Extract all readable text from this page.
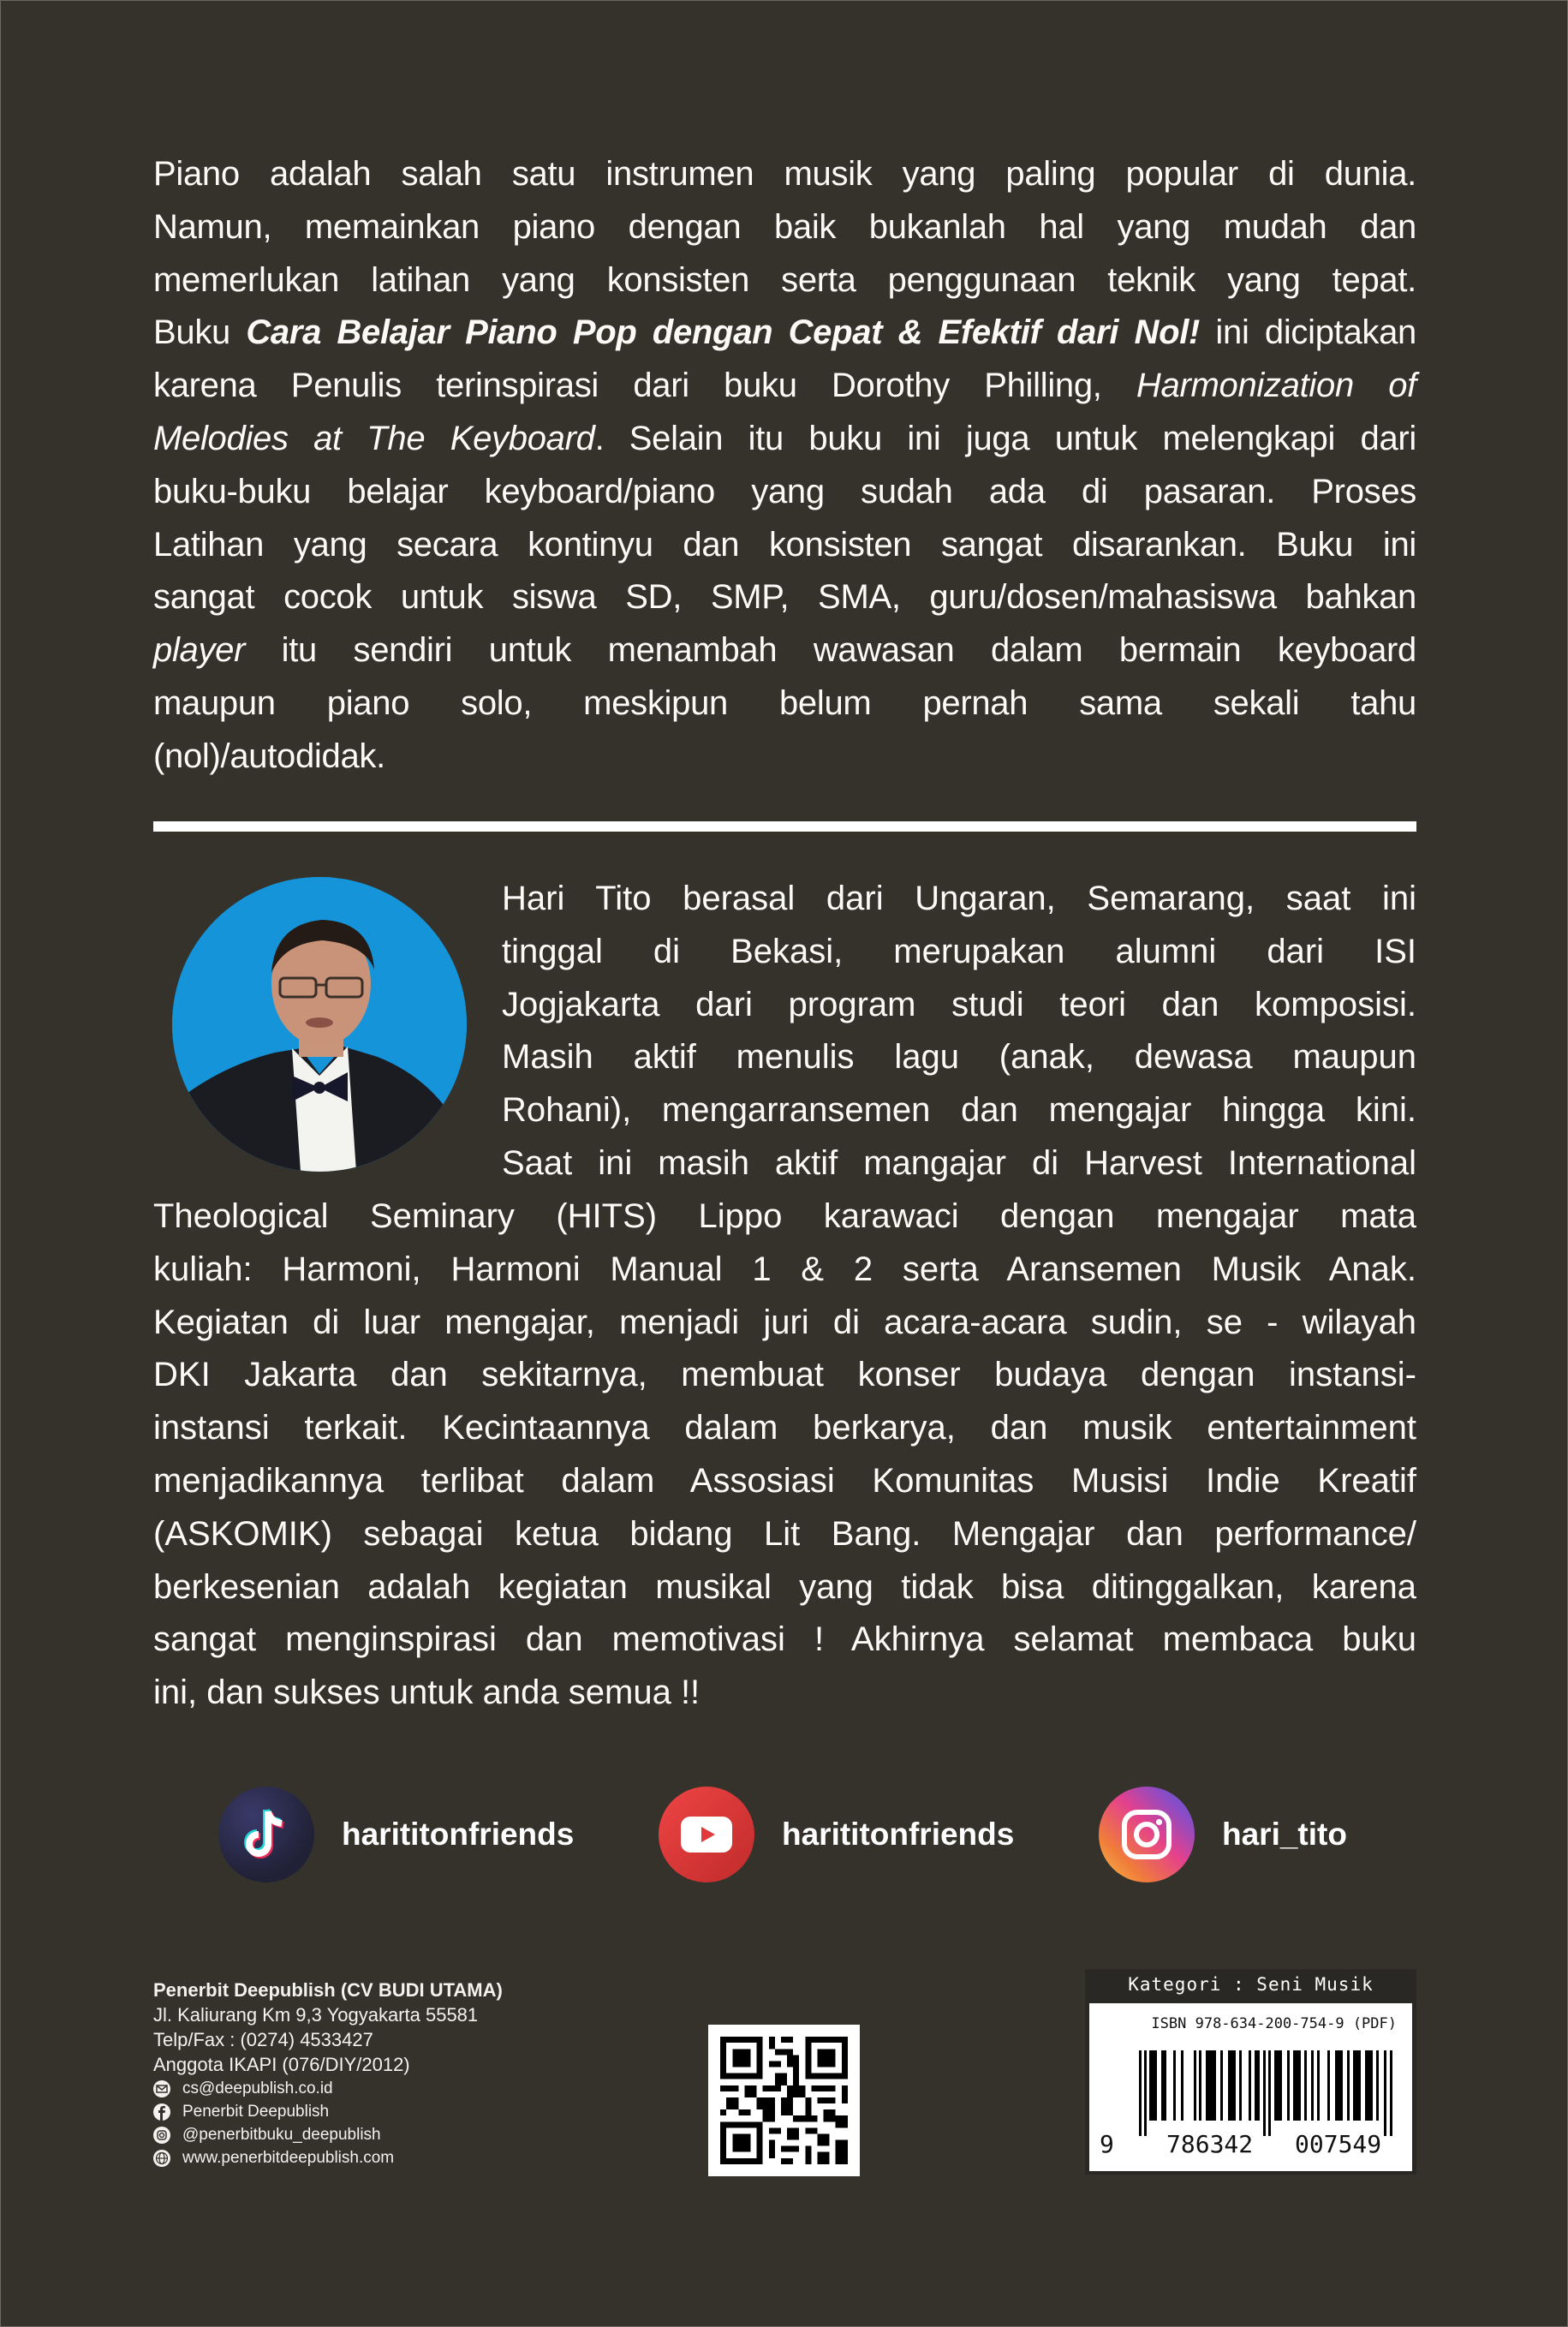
Piano adalah salah satu instrumen musik yang paling popular di dunia.
Namun, memainkan piano dengan baik bukanlah hal yang mudah dan
memerlukan latihan yang konsisten serta penggunaan teknik yang tepat.
Buku Cara Belajar Piano Pop dengan Cepat & Efektif dari Nol! ini diciptakan
karena Penulis terinspirasi dari buku Dorothy Philling, Harmonization of
Melodies at The Keyboard. Selain itu buku ini juga untuk melengkapi dari
buku-buku belajar keyboard/piano yang sudah ada di pasaran. Proses
Latihan yang secara kontinyu dan konsisten sangat disarankan. Buku ini
sangat cocok untuk siswa SD, SMP, SMA, guru/dosen/mahasiswa bahkan
player itu sendiri untuk menambah wawasan dalam bermain keyboard
maupun piano solo, meskipun belum pernah sama sekali tahu
(nol)/autodidak.
Hari Tito berasal dari Ungaran, Semarang, saat ini
tinggal di Bekasi, merupakan alumni dari ISI
Jogjakarta dari program studi teori dan komposisi.
Masih aktif menulis lagu (anak, dewasa maupun
Rohani), mengarransemen dan mengajar hingga kini.
Saat ini masih aktif mangajar di Harvest International
Theological Seminary (HITS) Lippo karawaci dengan mengajar mata
kuliah: Harmoni, Harmoni Manual 1 & 2 serta Aransemen Musik Anak.
Kegiatan di luar mengajar, menjadi juri di acara-acara sudin, se - wilayah
DKI Jakarta dan sekitarnya, membuat konser budaya dengan instansi-
instansi terkait. Kecintaannya dalam berkarya, dan musik entertainment
menjadikannya terlibat dalam Assosiasi Komunitas Musisi Indie Kreatif
(ASKOMIK) sebagai ketua bidang Lit Bang. Mengajar dan performance/
berkesenian adalah kegiatan musikal yang tidak bisa ditinggalkan, karena
sangat menginspirasi dan memotivasi ! Akhirnya selamat membaca buku
ini, dan sukses untuk anda semua !!
harititonfriends	harititonfriends	hari_tito
Penerbit Deepublish (CV BUDI UTAMA)
Jl. Kaliurang Km 9,3 Yogyakarta 55581
Telp/Fax : (0274) 4533427
Anggota IKAPI (076/DIY/2012)
cs@deepublish.co.id
Penerbit Deepublish
@penerbitbuku_deepublish
www.penerbitdeepublish.com
Kategori : Seni Musik
ISBN 978-634-200-754-9 (PDF)
9 786342 007549
